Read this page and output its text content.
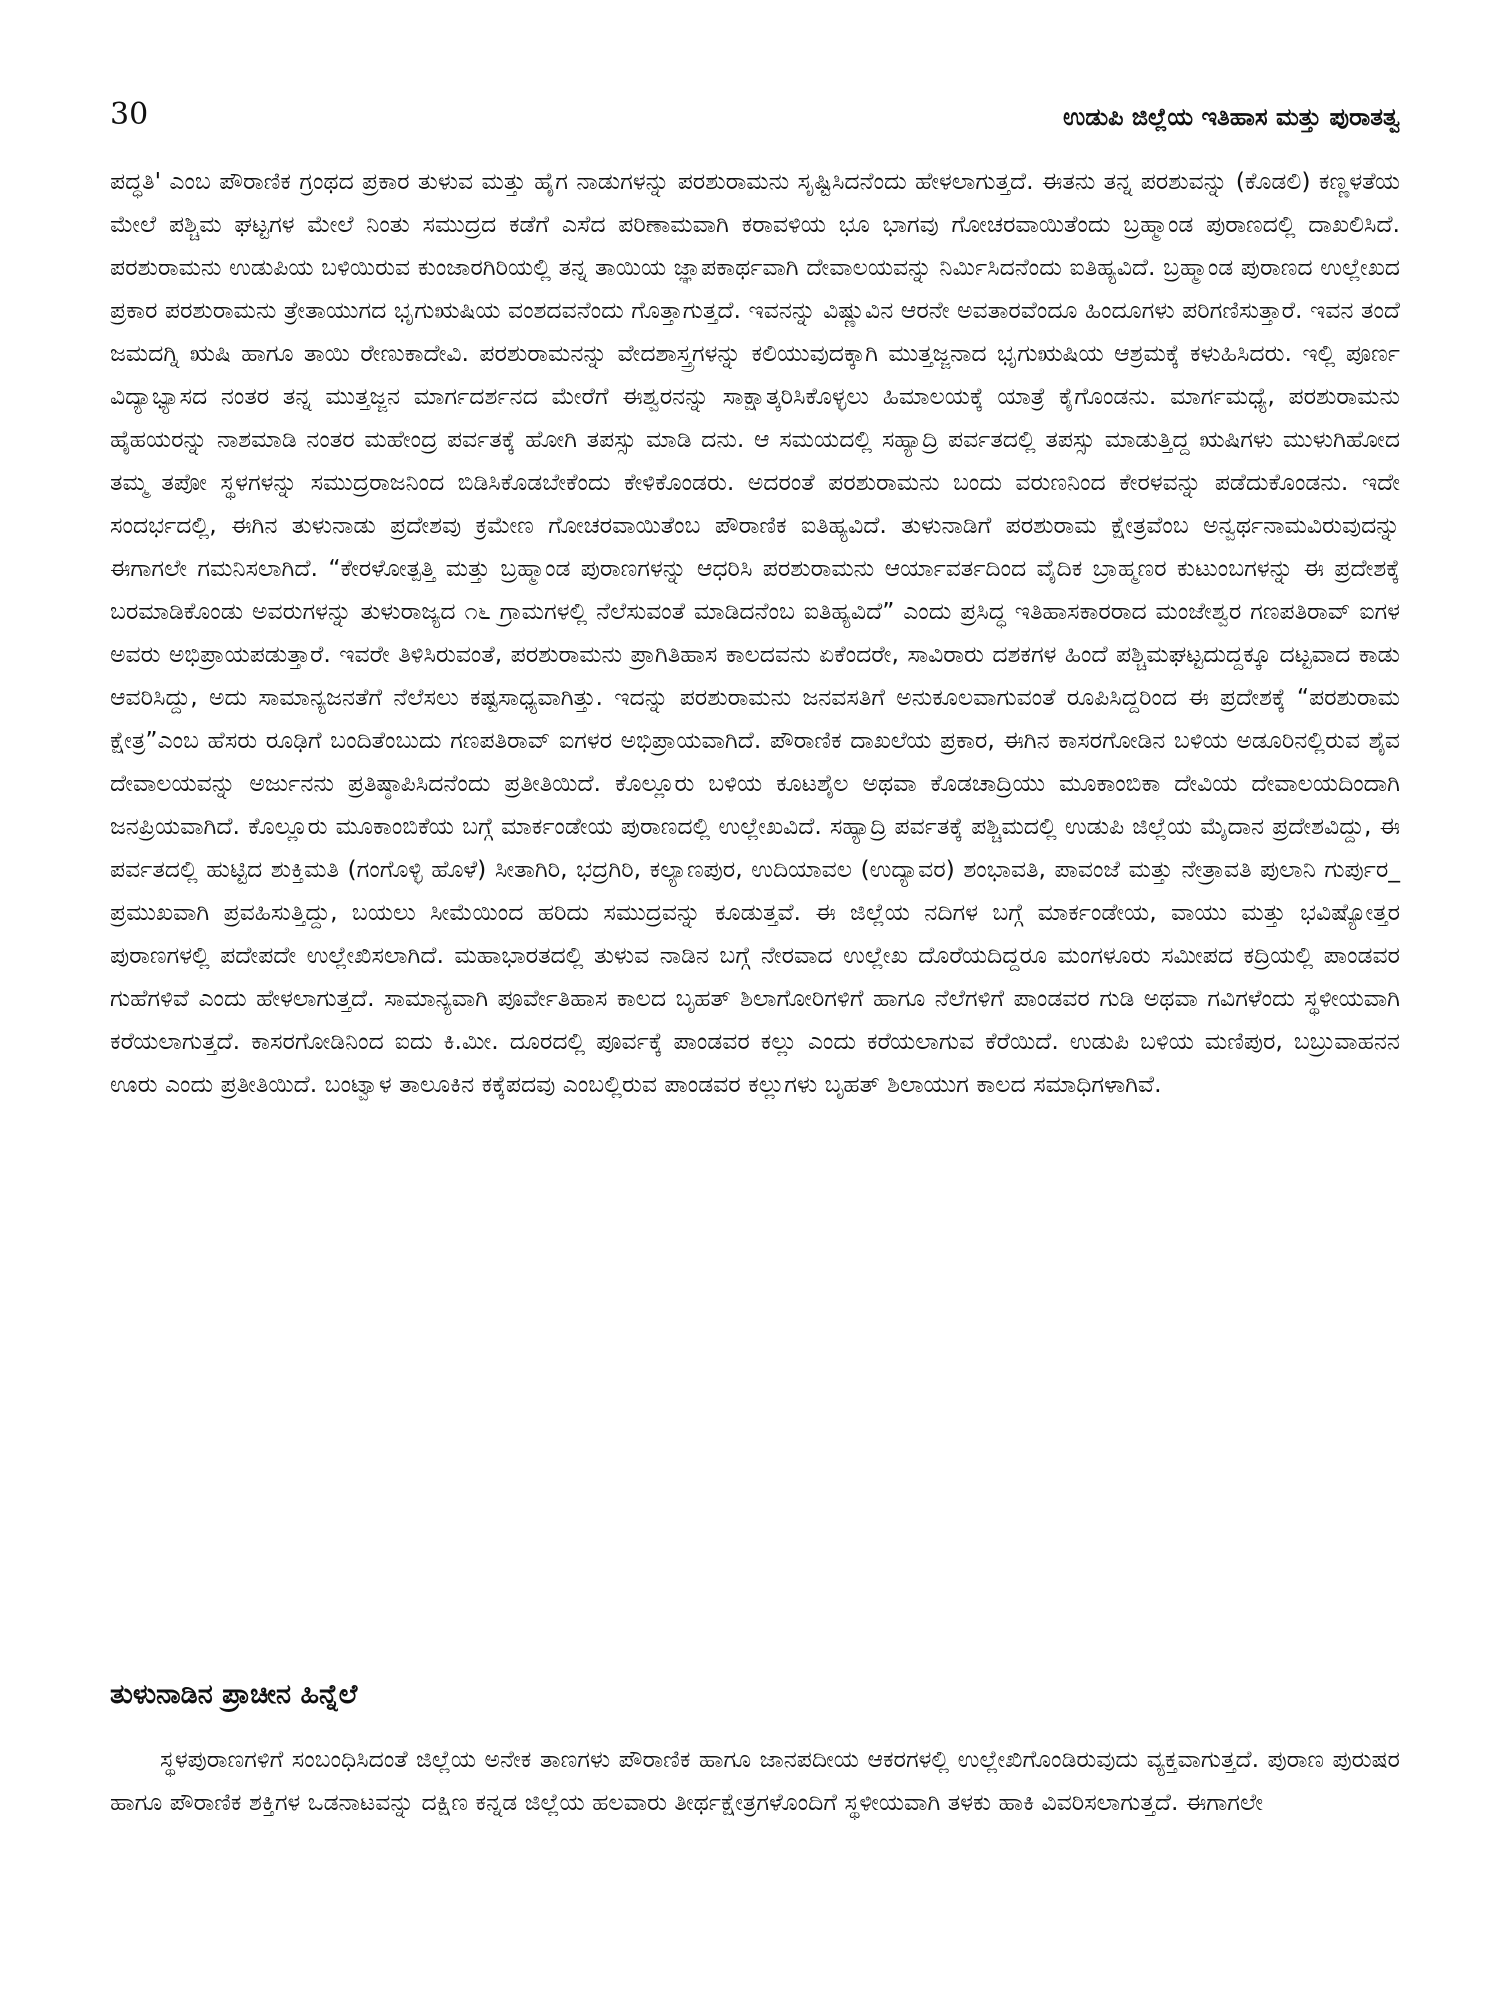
30	ಉಡುಪಿ ಜಿಲ್ಲೆಯ ಇತಿಹಾಸ ಮತ್ತು ಪುರಾತತ್ವ

ಪದ್ಧತಿ' ಎಂಬ ಪೌರಾಣಿಕ ಗ್ರಂಥದ ಪ್ರಕಾರ ತುಳುವ ಮತ್ತು ಹೈಗ ನಾಡುಗಳನ್ನು ಪರಶುರಾಮನು ಸೃಷ್ಟಿಸಿದನೆಂದು ಹೇಳಲಾಗುತ್ತದೆ. ಈತನು ತನ್ನ ಪರಶುವನ್ನು (ಕೊಡಲಿ) ಕಣ್ಣಳತೆಯ ಮೇಲೆ ಪಶ್ಚಿಮ ಘಟ್ಟಗಳ ಮೇಲೆ ನಿಂತು ಸಮುದ್ರದ ಕಡೆಗೆ ಎಸೆದ ಪರಿಣಾಮವಾಗಿ ಕರಾವಳಿಯ ಭೂ ಭಾಗವು ಗೋಚರವಾಯಿತೆಂದು ಬ್ರಹ್ಮಾಂಡ ಪುರಾಣದಲ್ಲಿ ದಾಖಲಿಸಿದೆ. ಪರಶುರಾಮನು ಉಡುಪಿಯ ಬಳಿಯಿರುವ ಕುಂಜಾರಗಿರಿಯಲ್ಲಿ ತನ್ನ ತಾಯಿಯ ಜ್ಞಾಪಕಾರ್ಥವಾಗಿ ದೇವಾಲಯವನ್ನು ನಿರ್ಮಿಸಿದನೆಂದು ಐತಿಹ್ಯವಿದೆ. ಬ್ರಹ್ಮಾಂಡ ಪುರಾಣದ ಉಲ್ಲೇಖದ ಪ್ರಕಾರ ಪರಶುರಾಮನು ತ್ರೇತಾಯುಗದ ಭೃಗುಋಷಿಯ ವಂಶದವನೆಂದು ಗೊತ್ತಾಗುತ್ತದೆ. ಇವನನ್ನು ವಿಷ್ಣುವಿನ ಆರನೇ ಅವತಾರವೆಂದೂ ಹಿಂದೂಗಳು ಪರಿಗಣಿಸುತ್ತಾರೆ. ಇವನ ತಂದೆ ಜಮದಗ್ನಿ ಋಷಿ ಹಾಗೂ ತಾಯಿ ರೇಣುಕಾದೇವಿ. ಪರಶುರಾಮನನ್ನು ವೇದಶಾಸ್ತ್ರಗಳನ್ನು ಕಲಿಯುವುದಕ್ಕಾಗಿ ಮುತ್ತಜ್ಜನಾದ ಭೃಗುಋಷಿಯ ಆಶ್ರಮಕ್ಕೆ ಕಳುಹಿಸಿದರು. ಇಲ್ಲಿ ಪೂರ್ಣ ವಿದ್ಯಾಭ್ಯಾಸದ ನಂತರ ತನ್ನ ಮುತ್ತಜ್ಜನ ಮಾರ್ಗದರ್ಶನದ ಮೇರೆಗೆ ಈಶ್ವರನನ್ನು ಸಾಕ್ಷಾತ್ಕರಿಸಿಕೊಳ್ಳಲು ಹಿಮಾಲಯಕ್ಕೆ ಯಾತ್ರೆ ಕೈಗೊಂಡನು. ಮಾರ್ಗಮಧ್ಯೆ, ಪರಶುರಾಮನು ಹೈಹಯರನ್ನು ನಾಶಮಾಡಿ ನಂತರ ಮಹೇಂದ್ರ ಪರ್ವತಕ್ಕೆ ಹೋಗಿ ತಪಸ್ಸು ಮಾಡಿ ದನು. ಆ ಸಮಯದಲ್ಲಿ ಸಹ್ಯಾದ್ರಿ ಪರ್ವತದಲ್ಲಿ ತಪಸ್ಸು ಮಾಡುತ್ತಿದ್ದ ಋಷಿಗಳು ಮುಳುಗಿಹೋದ ತಮ್ಮ ತಪೋ ಸ್ಥಳಗಳನ್ನು ಸಮುದ್ರರಾಜನಿಂದ ಬಿಡಿಸಿಕೊಡಬೇಕೆಂದು ಕೇಳಿಕೊಂಡರು. ಅದರಂತೆ ಪರಶುರಾಮನು ಬಂದು ವರುಣನಿಂದ ಕೇರಳವನ್ನು ಪಡೆದುಕೊಂಡನು. ಇದೇ ಸಂದರ್ಭದಲ್ಲಿ, ಈಗಿನ ತುಳುನಾಡು ಪ್ರದೇಶವು ಕ್ರಮೇಣ ಗೋಚರವಾಯಿತೆಂಬ ಪೌರಾಣಿಕ ಐತಿಹ್ಯವಿದೆ. ತುಳುನಾಡಿಗೆ ಪರಶುರಾಮ ಕ್ಷೇತ್ರವೆಂಬ ಅನ್ವರ್ಥನಾಮವಿರುವುದನ್ನು ಈಗಾಗಲೇ ಗಮನಿಸಲಾಗಿದೆ. “ಕೇರಳೋತ್ಪತ್ತಿ ಮತ್ತು ಬ್ರಹ್ಮಾಂಡ ಪುರಾಣಗಳನ್ನು ಆಧರಿಸಿ ಪರಶುರಾಮನು ಆರ್ಯಾವರ್ತದಿಂದ ವೈದಿಕ ಬ್ರಾಹ್ಮಣರ ಕುಟುಂಬಗಳನ್ನು ಈ ಪ್ರದೇಶಕ್ಕೆ ಬರಮಾಡಿಕೊಂಡು ಅವರುಗಳನ್ನು ತುಳುರಾಜ್ಯದ ೧೬ ಗ್ರಾಮಗಳಲ್ಲಿ ನೆಲೆಸುವಂತೆ ಮಾಡಿದನೆಂಬ ಐತಿಹ್ಯವಿದೆ” ಎಂದು ಪ್ರಸಿದ್ಧ ಇತಿಹಾಸಕಾರರಾದ ಮಂಜೇಶ್ವರ ಗಣಪತಿರಾವ್ ಐಗಳ ಅವರು ಅಭಿಪ್ರಾಯಪಡುತ್ತಾರೆ. ಇವರೇ ತಿಳಿಸಿರುವಂತೆ, ಪರಶುರಾಮನು ಪ್ರಾಗಿತಿಹಾಸ ಕಾಲದವನು ಏಕೆಂದರೇ, ಸಾವಿರಾರು ದಶಕಗಳ ಹಿಂದೆ ಪಶ್ಚಿಮಘಟ್ಟದುದ್ದಕ್ಕೂ ದಟ್ಟವಾದ ಕಾಡು ಆವರಿಸಿದ್ದು, ಅದು ಸಾಮಾನ್ಯಜನತೆಗೆ ನೆಲೆಸಲು ಕಷ್ಟಸಾಧ್ಯವಾಗಿತ್ತು. ಇದನ್ನು ಪರಶುರಾಮನು ಜನವಸತಿಗೆ ಅನುಕೂಲವಾಗುವಂತೆ ರೂಪಿಸಿದ್ದರಿಂದ ಈ ಪ್ರದೇಶಕ್ಕೆ “ಪರಶುರಾಮ ಕ್ಷೇತ್ರ”ಎಂಬ ಹೆಸರು ರೂಢಿಗೆ ಬಂದಿತೆಂಬುದು ಗಣಪತಿರಾವ್ ಐಗಳರ ಅಭಿಪ್ರಾಯವಾಗಿದೆ. ಪೌರಾಣಿಕ ದಾಖಲೆಯ ಪ್ರಕಾರ, ಈಗಿನ ಕಾಸರಗೋಡಿನ ಬಳಿಯ ಅಡೂರಿನಲ್ಲಿರುವ ಶೈವ ದೇವಾಲಯವನ್ನು ಅರ್ಜುನನು ಪ್ರತಿಷ್ಠಾಪಿಸಿದನೆಂದು ಪ್ರತೀತಿಯಿದೆ. ಕೊಲ್ಲೂರು ಬಳಿಯ ಕೂಟಶೈಲ ಅಥವಾ ಕೊಡಚಾದ್ರಿಯು ಮೂಕಾಂಬಿಕಾ ದೇವಿಯ ದೇವಾಲಯದಿಂದಾಗಿ ಜನಪ್ರಿಯವಾಗಿದೆ. ಕೊಲ್ಲೂರು ಮೂಕಾಂಬಿಕೆಯ ಬಗ್ಗೆ ಮಾರ್ಕಂಡೇಯ ಪುರಾಣದಲ್ಲಿ ಉಲ್ಲೇಖವಿದೆ. ಸಹ್ಯಾದ್ರಿ ಪರ್ವತಕ್ಕೆ ಪಶ್ಚಿಮದಲ್ಲಿ ಉಡುಪಿ ಜಿಲ್ಲೆಯ ಮೈದಾನ ಪ್ರದೇಶವಿದ್ದು, ಈ ಪರ್ವತದಲ್ಲಿ ಹುಟ್ಟಿದ ಶುಕ್ತಿಮತಿ (ಗಂಗೊಳ್ಳಿ ಹೊಳೆ) ಸೀತಾಗಿರಿ, ಭದ್ರಗಿರಿ, ಕಲ್ಯಾಣಪುರ, ಉದಿಯಾವಲ (ಉದ್ಯಾವರ) ಶಂಭಾವತಿ, ಪಾವಂಜೆ ಮತ್ತು ನೇತ್ರಾವತಿ ಪುಲಾನಿ ಗುರ್ಪುರ_ ಪ್ರಮುಖವಾಗಿ ಪ್ರವಹಿಸುತ್ತಿದ್ದು, ಬಯಲು ಸೀಮೆಯಿಂದ ಹರಿದು ಸಮುದ್ರವನ್ನು ಕೂಡುತ್ತವೆ. ಈ ಜಿಲ್ಲೆಯ ನದಿಗಳ ಬಗ್ಗೆ ಮಾರ್ಕಂಡೇಯ, ವಾಯು ಮತ್ತು ಭವಿಷ್ಯೋತ್ತರ ಪುರಾಣಗಳಲ್ಲಿ ಪದೇಪದೇ ಉಲ್ಲೇಖಿಸಲಾಗಿದೆ. ಮಹಾಭಾರತದಲ್ಲಿ ತುಳುವ ನಾಡಿನ ಬಗ್ಗೆ ನೇರವಾದ ಉಲ್ಲೇಖ ದೊರೆಯದಿದ್ದರೂ ಮಂಗಳೂರು ಸಮೀಪದ ಕದ್ರಿಯಲ್ಲಿ ಪಾಂಡವರ ಗುಹೆಗಳಿವೆ ಎಂದು ಹೇಳಲಾಗುತ್ತದೆ. ಸಾಮಾನ್ಯವಾಗಿ ಪೂರ್ವೇತಿಹಾಸ ಕಾಲದ ಬೃಹತ್ ಶಿಲಾಗೋರಿಗಳಿಗೆ ಹಾಗೂ ನೆಲೆಗಳಿಗೆ ಪಾಂಡವರ ಗುಡಿ ಅಥವಾ ಗವಿಗಳೆಂದು ಸ್ಥಳೀಯವಾಗಿ ಕರೆಯಲಾಗುತ್ತದೆ. ಕಾಸರಗೋಡಿನಿಂದ ಐದು ಕಿ.ಮೀ. ದೂರದಲ್ಲಿ ಪೂರ್ವಕ್ಕೆ ಪಾಂಡವರ ಕಲ್ಲು ಎಂದು ಕರೆಯಲಾಗುವ ಕೆರೆಯಿದೆ. ಉಡುಪಿ ಬಳಿಯ ಮಣಿಪುರ, ಬಬ್ರುವಾಹನನ ಊರು ಎಂದು ಪ್ರತೀತಿಯಿದೆ. ಬಂಟ್ವಾಳ ತಾಲೂಕಿನ ಕಕ್ಕೆಪದವು ಎಂಬಲ್ಲಿರುವ ಪಾಂಡವರ ಕಲ್ಲುಗಳು ಬೃಹತ್ ಶಿಲಾಯುಗ ಕಾಲದ ಸಮಾಧಿಗಳಾಗಿವೆ.

ತುಳುನಾಡಿನ ಪ್ರಾಚೀನ ಹಿನ್ನೆಲೆ

ಸ್ಥಳಪುರಾಣಗಳಿಗೆ ಸಂಬಂಧಿಸಿದಂತೆ ಜಿಲ್ಲೆಯ ಅನೇಕ ತಾಣಗಳು ಪೌರಾಣಿಕ ಹಾಗೂ ಜಾನಪದೀಯ ಆಕರಗಳಲ್ಲಿ ಉಲ್ಲೇಖಿಗೊಂಡಿರುವುದು ವ್ಯಕ್ತವಾಗುತ್ತದೆ. ಪುರಾಣ ಪುರುಷರ ಹಾಗೂ ಪೌರಾಣಿಕ ಶಕ್ತಿಗಳ ಒಡನಾಟವನ್ನು ದಕ್ಷಿಣ ಕನ್ನಡ ಜಿಲ್ಲೆಯ ಹಲವಾರು ತೀರ್ಥಕ್ಷೇತ್ರಗಳೊಂದಿಗೆ ಸ್ಥಳೀಯವಾಗಿ ತಳಕು ಹಾಕಿ ವಿವರಿಸಲಾಗುತ್ತದೆ. ಈಗಾಗಲೇ
